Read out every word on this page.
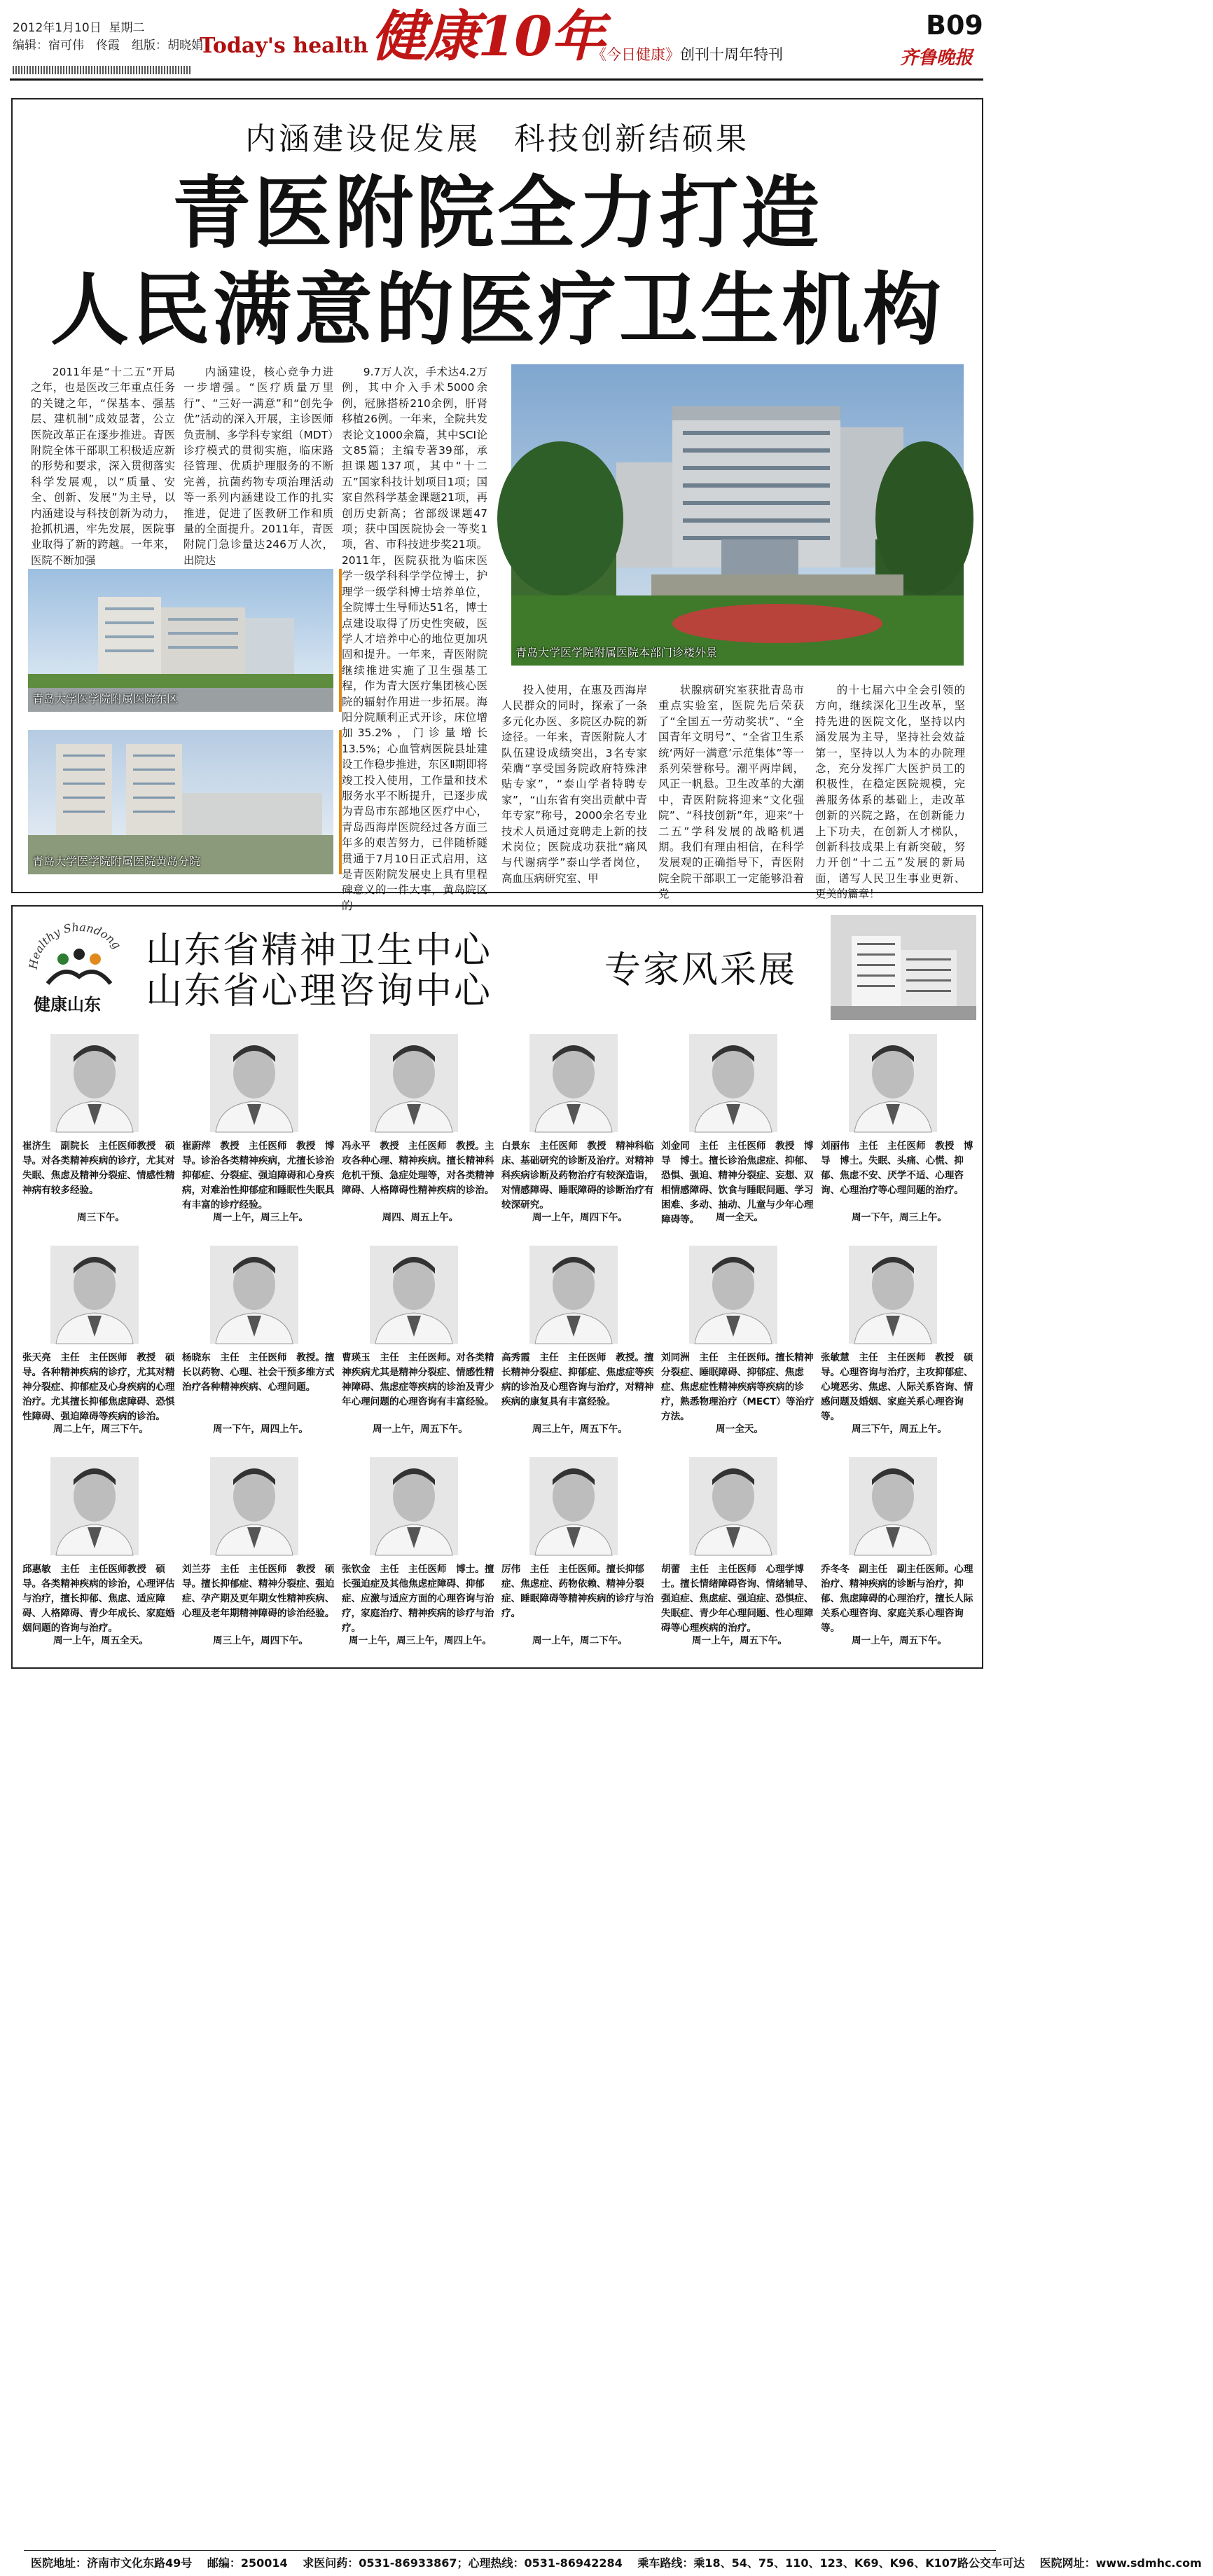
2012年1月10日 星期二
编辑：宿可伟　佟霞　组版：胡晓娟
Today's health 健康10年
《今日健康》创刊十周年特刊
B09
齐鲁晚报
内涵建设促发展　科技创新结硕果
青医附院全力打造
人民满意的医疗卫生机构

2011年是“十二五”开局之年，也是医改三年重点任务的关键之年，“保基本、强基层、建机制”成效显著，公立医院改革正在逐步推进。青医附院全体干部职工积极适应新的形势和要求，深入贯彻落实科学发展观，以“质量、安全、创新、发展”为主导，以内涵建设与科技创新为动力，抢抓机遇，牢先发展，医院事业取得了新的跨越。一年来，医院不断加强

内涵建设，核心竞争力进一步增强。“医疗质量万里行”、“三好一满意”和“创先争优”活动的深入开展，主诊医师负责制、多学科专家组（MDT）诊疗模式的贯彻实施，临床路径管理、优质护理服务的不断完善，抗菌药物专项治理活动等一系列内涵建设工作的扎实推进，促进了医教研工作和质量的全面提升。2011年，青医附院门急诊量达246万人次，出院达

9.7万人次，手术达4.2万例，其中介入手术5000余例，冠脉搭桥210余例，肝肾移植26例。一年来，全院共发表论文1000余篇，其中SCI论文85篇；主编专著39部，承担课题137项，其中“十二五”国家科技计划项目1项；国家自然科学基金课题21项，再创历史新高；省部级课题47项；获中国医院协会一等奖1项，省、市科技进步奖21项。2011年，医院获批为临床医学一级学科科学学位博士，护理学一级学科博士培养单位，全院博士生导师达51名，博士点建设取得了历史性突破，医学人才培养中心的地位更加巩固和提升。一年来，青医附院继续推进实施了卫生强基工程，作为青大医疗集团核心医院的辐射作用进一步拓展。海阳分院顺利正式开诊，床位增加35.2%，门诊量增长13.5%；心血管病医院县址建设工作稳步推进，东区Ⅱ期即将竣工投入使用，工作量和技术服务水平不断提升，已逐步成为青岛市东部地区医疗中心，青岛西海岸医院经过各方面三年多的艰苦努力，已伴随桥隧贯通于7月10日正式启用，这是青医附院发展史上具有里程碑意义的一件大事，黄岛院区的

投入使用，在惠及西海岸人民群众的同时，探索了一条多元化办医、多院区办院的新途径。一年来，青医附院人才队伍建设成绩突出，3名专家荣膺“享受国务院政府特殊津贴专家”，“泰山学者特聘专家”，“山东省有突出贡献中青年专家”称号，2000余名专业技术人员通过竞聘走上新的技术岗位；医院成功获批“痛风与代谢病学”泰山学者岗位，高血压病研究室、甲

状腺病研究室获批青岛市重点实验室，医院先后荣获了“全国五一劳动奖状”、“全国青年文明号”、“全省卫生系统‘两好一满意’示范集体”等一系列荣誉称号。潮平两岸阔，风正一帆悬。卫生改革的大潮中，青医附院将迎来“文化强院”、“科技创新”年，迎来“十二五”学科发展的战略机遇期。我们有理由相信，在科学发展观的正确指导下，青医附院全院干部职工一定能够沿着党

的十七届六中全会引领的方向，继续深化卫生改革，坚持先进的医院文化，坚持以内涵发展为主导，坚持社会效益第一，坚持以人为本的办院理念，充分发挥广大医护员工的积极性，在稳定医院规模，完善服务体系的基础上，走改革创新的兴院之路，在创新能力上下功夫，在创新人才梯队，创新科技成果上有新突破，努力开创“十二五”发展的新局面，谱写人民卫生事业更新、更美的篇章！

青岛大学医学院附属医院本部门诊楼外景
青岛大学医学院附属医院东区
青岛大学医学院附属医院黄岛分院
Healthy Shandong
健康山东
山东省精神卫生中心
山东省心理咨询中心	专家风采展
崔济生　副院长　主任医师教授　硕导。对各类精神疾病的诊疗，尤其对失眠、焦虑及精神分裂症、情感性精神病有较多经验。
周三下午。
崔蔚萍　教授　主任医师　教授　博导。诊治各类精神疾病，尤擅长诊治抑郁症、分裂症、强迫障碍和心身疾病，对难治性抑郁症和睡眠性失眠具有丰富的诊疗经验。
周一上午，周三上午。
冯永平　教授　主任医师　教授。主攻各种心理、精神疾病。擅长精神科危机干预、急症处理等，对各类精神障碍、人格障碍性精神疾病的诊治。
周四、周五上午。
白景东　主任医师　教授　精神科临床、基础研究的诊断及治疗。对精神科疾病诊断及药物治疗有较深造诣，对情感障碍、睡眠障碍的诊断治疗有较深研究。
周一上午，周四下午。
刘金同　主任　主任医师　教授　博导　博士。擅长诊治焦虑症、抑郁、恐惧、强迫、精神分裂症、妄想、双相情感障碍、饮食与睡眠问题、学习困难、多动、抽动、儿童与少年心理障碍等。	周一全天。
刘丽伟　主任　主任医师　教授　博导　博士。失眠、头痛、心慌、抑郁、焦虑不安、厌学不适、心理咨询、心理治疗等心理问题的治疗。
周一下午，周三上午。
张天亮　主任　主任医师　教授　硕导。各种精神疾病的诊疗，尤其对精神分裂症、抑郁症及心身疾病的心理治疗。尤其擅长抑郁焦虑障碍、恐惧性障碍、强迫障碍等疾病的诊治。
周二上午，周三下午。
杨晓东　主任　主任医师　教授。擅长以药物、心理、社会干预多维方式治疗各种精神疾病、心理问题。
周一下午，周四上午。
曹瑛玉　主任　主任医师。对各类精神疾病尤其是精神分裂症、情感性精神障碍、焦虑症等疾病的诊治及青少年心理问题的心理咨询有丰富经验。
周一上午，周五下午。
高秀霞　主任　主任医师　教授。擅长精神分裂症、抑郁症、焦虑症等疾病的诊治及心理咨询与治疗，对精神疾病的康复具有丰富经验。
周三上午，周五下午。
刘同洲　主任　主任医师。擅长精神分裂症、睡眠障碍、抑郁症、焦虑症、焦虑症性精神疾病等疾病的诊疗，熟悉物理治疗（MECT）等治疗方法。
周一全天。
张敏慧　主任　主任医师　教授　硕导。心理咨询与治疗，主攻抑郁症、心境恶劣、焦虑、人际关系咨询、情感问题及婚姻、家庭关系心理咨询等。
周三下午，周五上午。
邱惠敏　主任　主任医师教授　硕导。各类精神疾病的诊治，心理评估与治疗，擅长抑郁、焦虑、适应障碍、人格障碍、青少年成长、家庭婚姻问题的咨询与治疗。
周一上午，周五全天。
刘兰芬　主任　主任医师　教授　硕导。擅长抑郁症、精神分裂症、强迫症、孕产期及更年期女性精神疾病、心理及老年期精神障碍的诊治经验。
周三上午，周四下午。
张钦金　主任　主任医师　博士。擅长强迫症及其他焦虑症障碍、抑郁症、应激与适应方面的心理咨询与治疗，家庭治疗、精神疾病的诊疗与治疗。
周一上午，周三上午，周四上午。
厉伟　主任　主任医师。擅长抑郁症、焦虑症、药物依赖、精神分裂症、睡眠障碍等精神疾病的诊疗与治疗。
周一上午，周二下午。
胡蕾　主任　主任医师　心理学博士。擅长情绪障碍咨询、情绪辅导、强迫症、焦虑症、强迫症、恐惧症、失眠症、青少年心理问题、性心理障碍等心理疾病的治疗。
周一上午，周五下午。
乔冬冬　副主任　副主任医师。心理治疗、精神疾病的诊断与治疗，抑郁、焦虑障碍的心理治疗，擅长人际关系心理咨询、家庭关系心理咨询等。
周一上午，周五下午。
医院地址：济南市文化东路49号 邮编：250014 求医问药：0531-86933867；心理热线：0531-86942284 乘车路线：乘18、54、75、110、123、K69、K96、K107路公交车可达 医院网址：www.sdmhc.com
